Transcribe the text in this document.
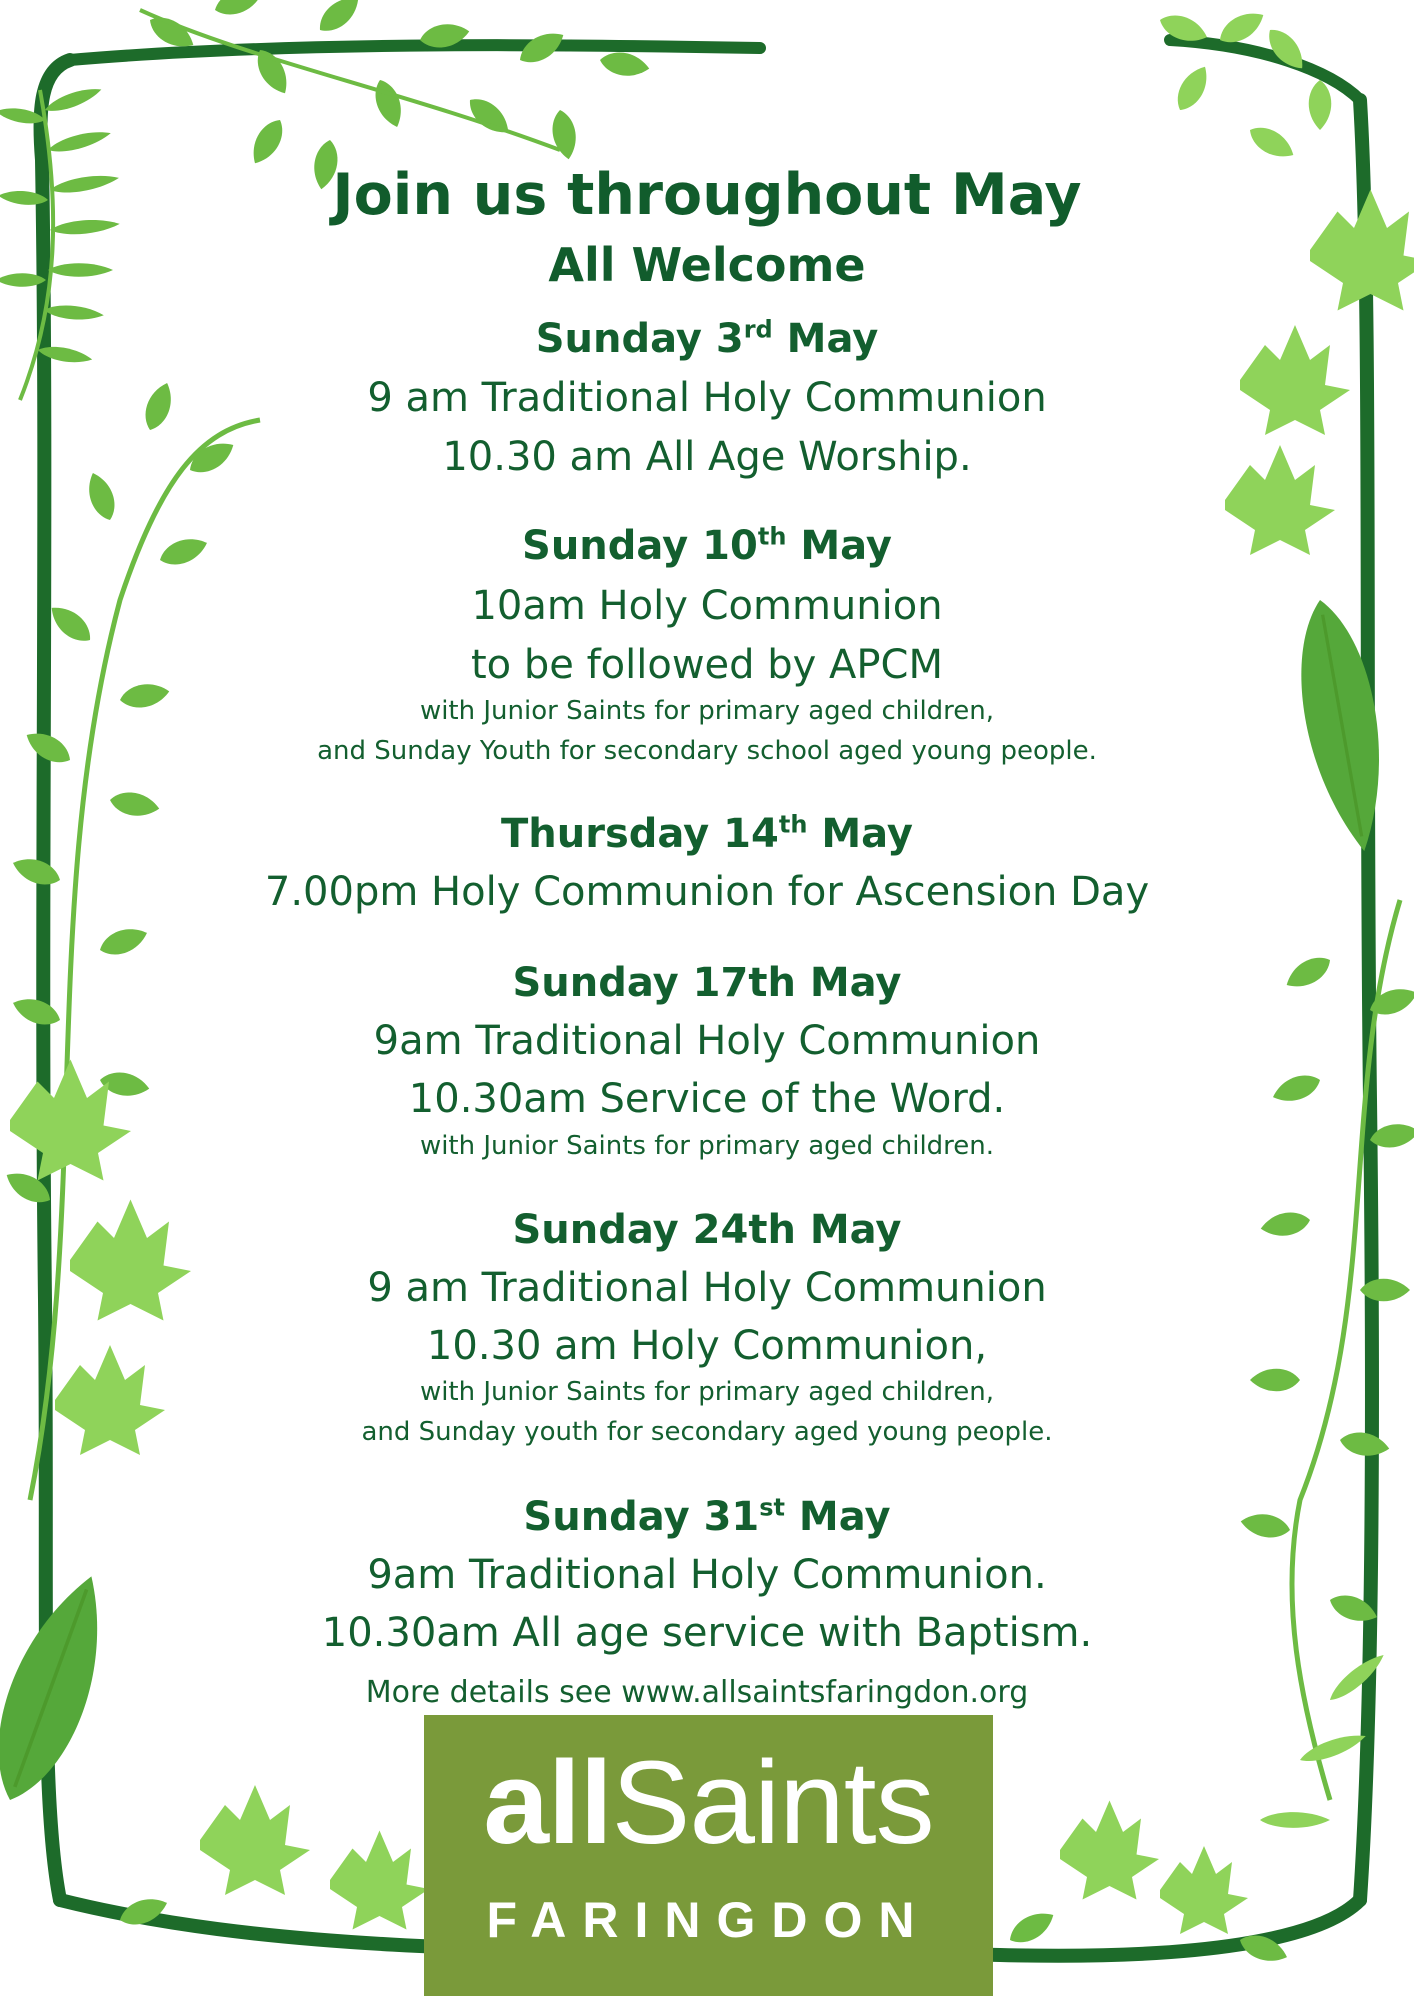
Join us throughout May
All Welcome
Sunday 3rd May
9 am Traditional Holy Communion
10.30 am All Age Worship.
Sunday 10th May
10am Holy Communion
to be followed by APCM
with Junior Saints for primary aged children,
and Sunday Youth for secondary school aged young people.
Thursday 14th May
7.00pm Holy Communion for Ascension Day
Sunday 17th May
9am Traditional Holy Communion
10.30am Service of the Word.
with Junior Saints for primary aged children.
Sunday 24th May
9 am Traditional Holy Communion
10.30 am Holy Communion,
with Junior Saints for primary aged children,
and Sunday youth for secondary aged young people.
Sunday 31st May
9am Traditional Holy Communion.
10.30am All age service with Baptism.
More details see www.allsaintsfaringdon.org
allSaints
FARINGDON
